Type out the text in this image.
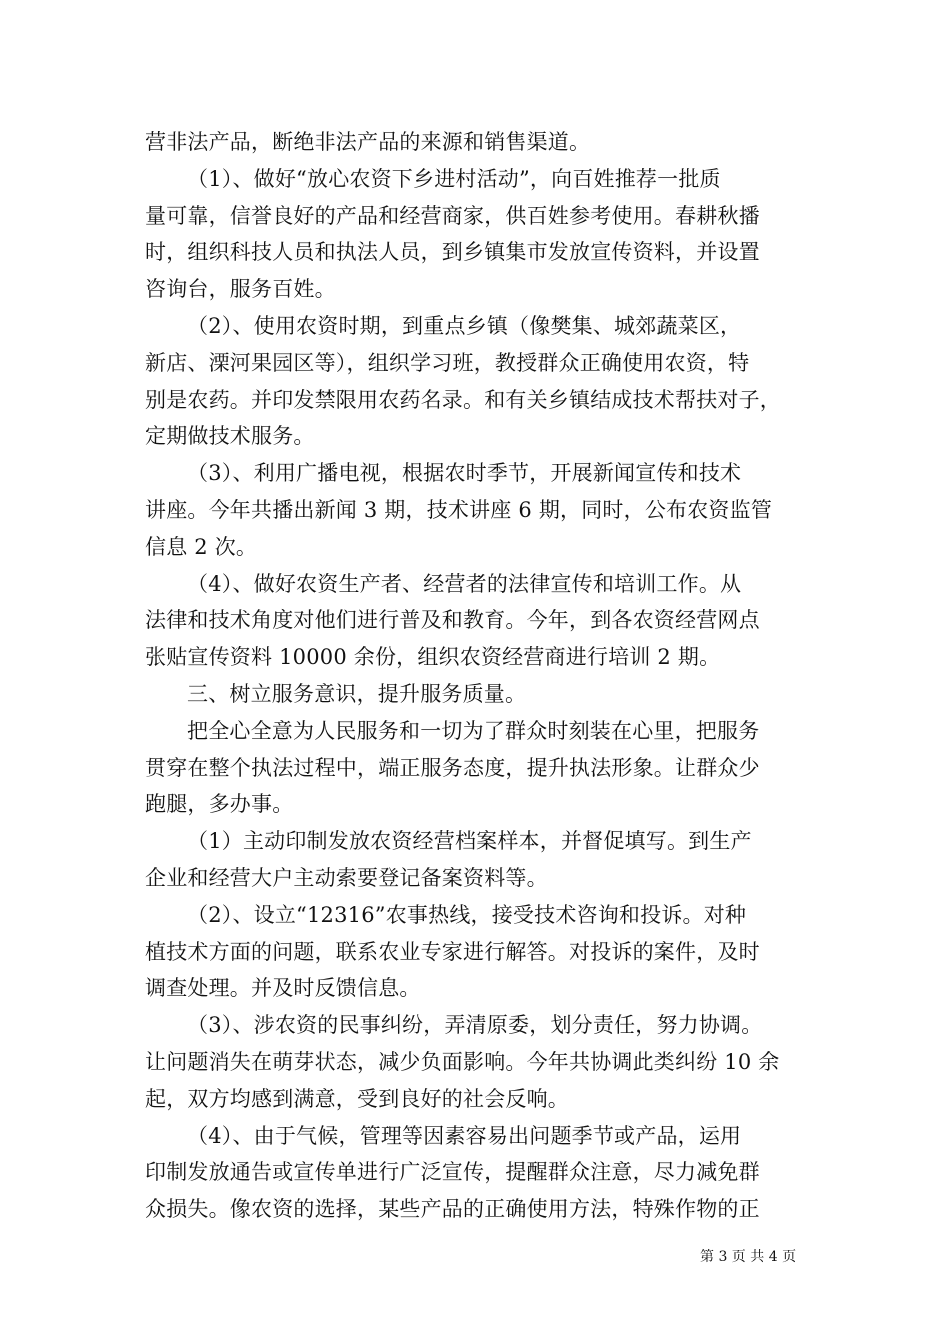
营非法产品，断绝非法产品的来源和销售渠道。
（1）、做好“放心农资下乡进村活动”，向百姓推荐一批质
量可靠，信誉良好的产品和经营商家，供百姓参考使用。春耕秋播
时，组织科技人员和执法人员，到乡镇集市发放宣传资料，并设置
咨询台，服务百姓。
（2）、使用农资时期，到重点乡镇（像樊集、城郊蔬菜区，
新店、溧河果园区等），组织学习班，教授群众正确使用农资，特
别是农药。并印发禁限用农药名录。和有关乡镇结成技术帮扶对子，
定期做技术服务。
（3）、利用广播电视，根据农时季节，开展新闻宣传和技术
讲座。今年共播出新闻 3 期，技术讲座 6 期，同时，公布农资监管
信息 2 次。
（4）、做好农资生产者、经营者的法律宣传和培训工作。从
法律和技术角度对他们进行普及和教育。今年，到各农资经营网点
张贴宣传资料 10000 余份，组织农资经营商进行培训 2 期。
三、树立服务意识，提升服务质量。
把全心全意为人民服务和一切为了群众时刻装在心里，把服务
贯穿在整个执法过程中，端正服务态度，提升执法形象。让群众少
跑腿，多办事。
（1）主动印制发放农资经营档案样本，并督促填写。到生产
企业和经营大户主动索要登记备案资料等。
（2）、设立“12316”农事热线，接受技术咨询和投诉。对种
植技术方面的问题，联系农业专家进行解答。对投诉的案件，及时
调查处理。并及时反馈信息。
（3）、涉农资的民事纠纷，弄清原委，划分责任，努力协调。
让问题消失在萌芽状态，减少负面影响。今年共协调此类纠纷 10 余
起，双方均感到满意，受到良好的社会反响。
（4）、由于气候，管理等因素容易出问题季节或产品，运用
印制发放通告或宣传单进行广泛宣传，提醒群众注意，尽力减免群
众损失。像农资的选择，某些产品的正确使用方法，特殊作物的正
第 3 页 共 4 页
